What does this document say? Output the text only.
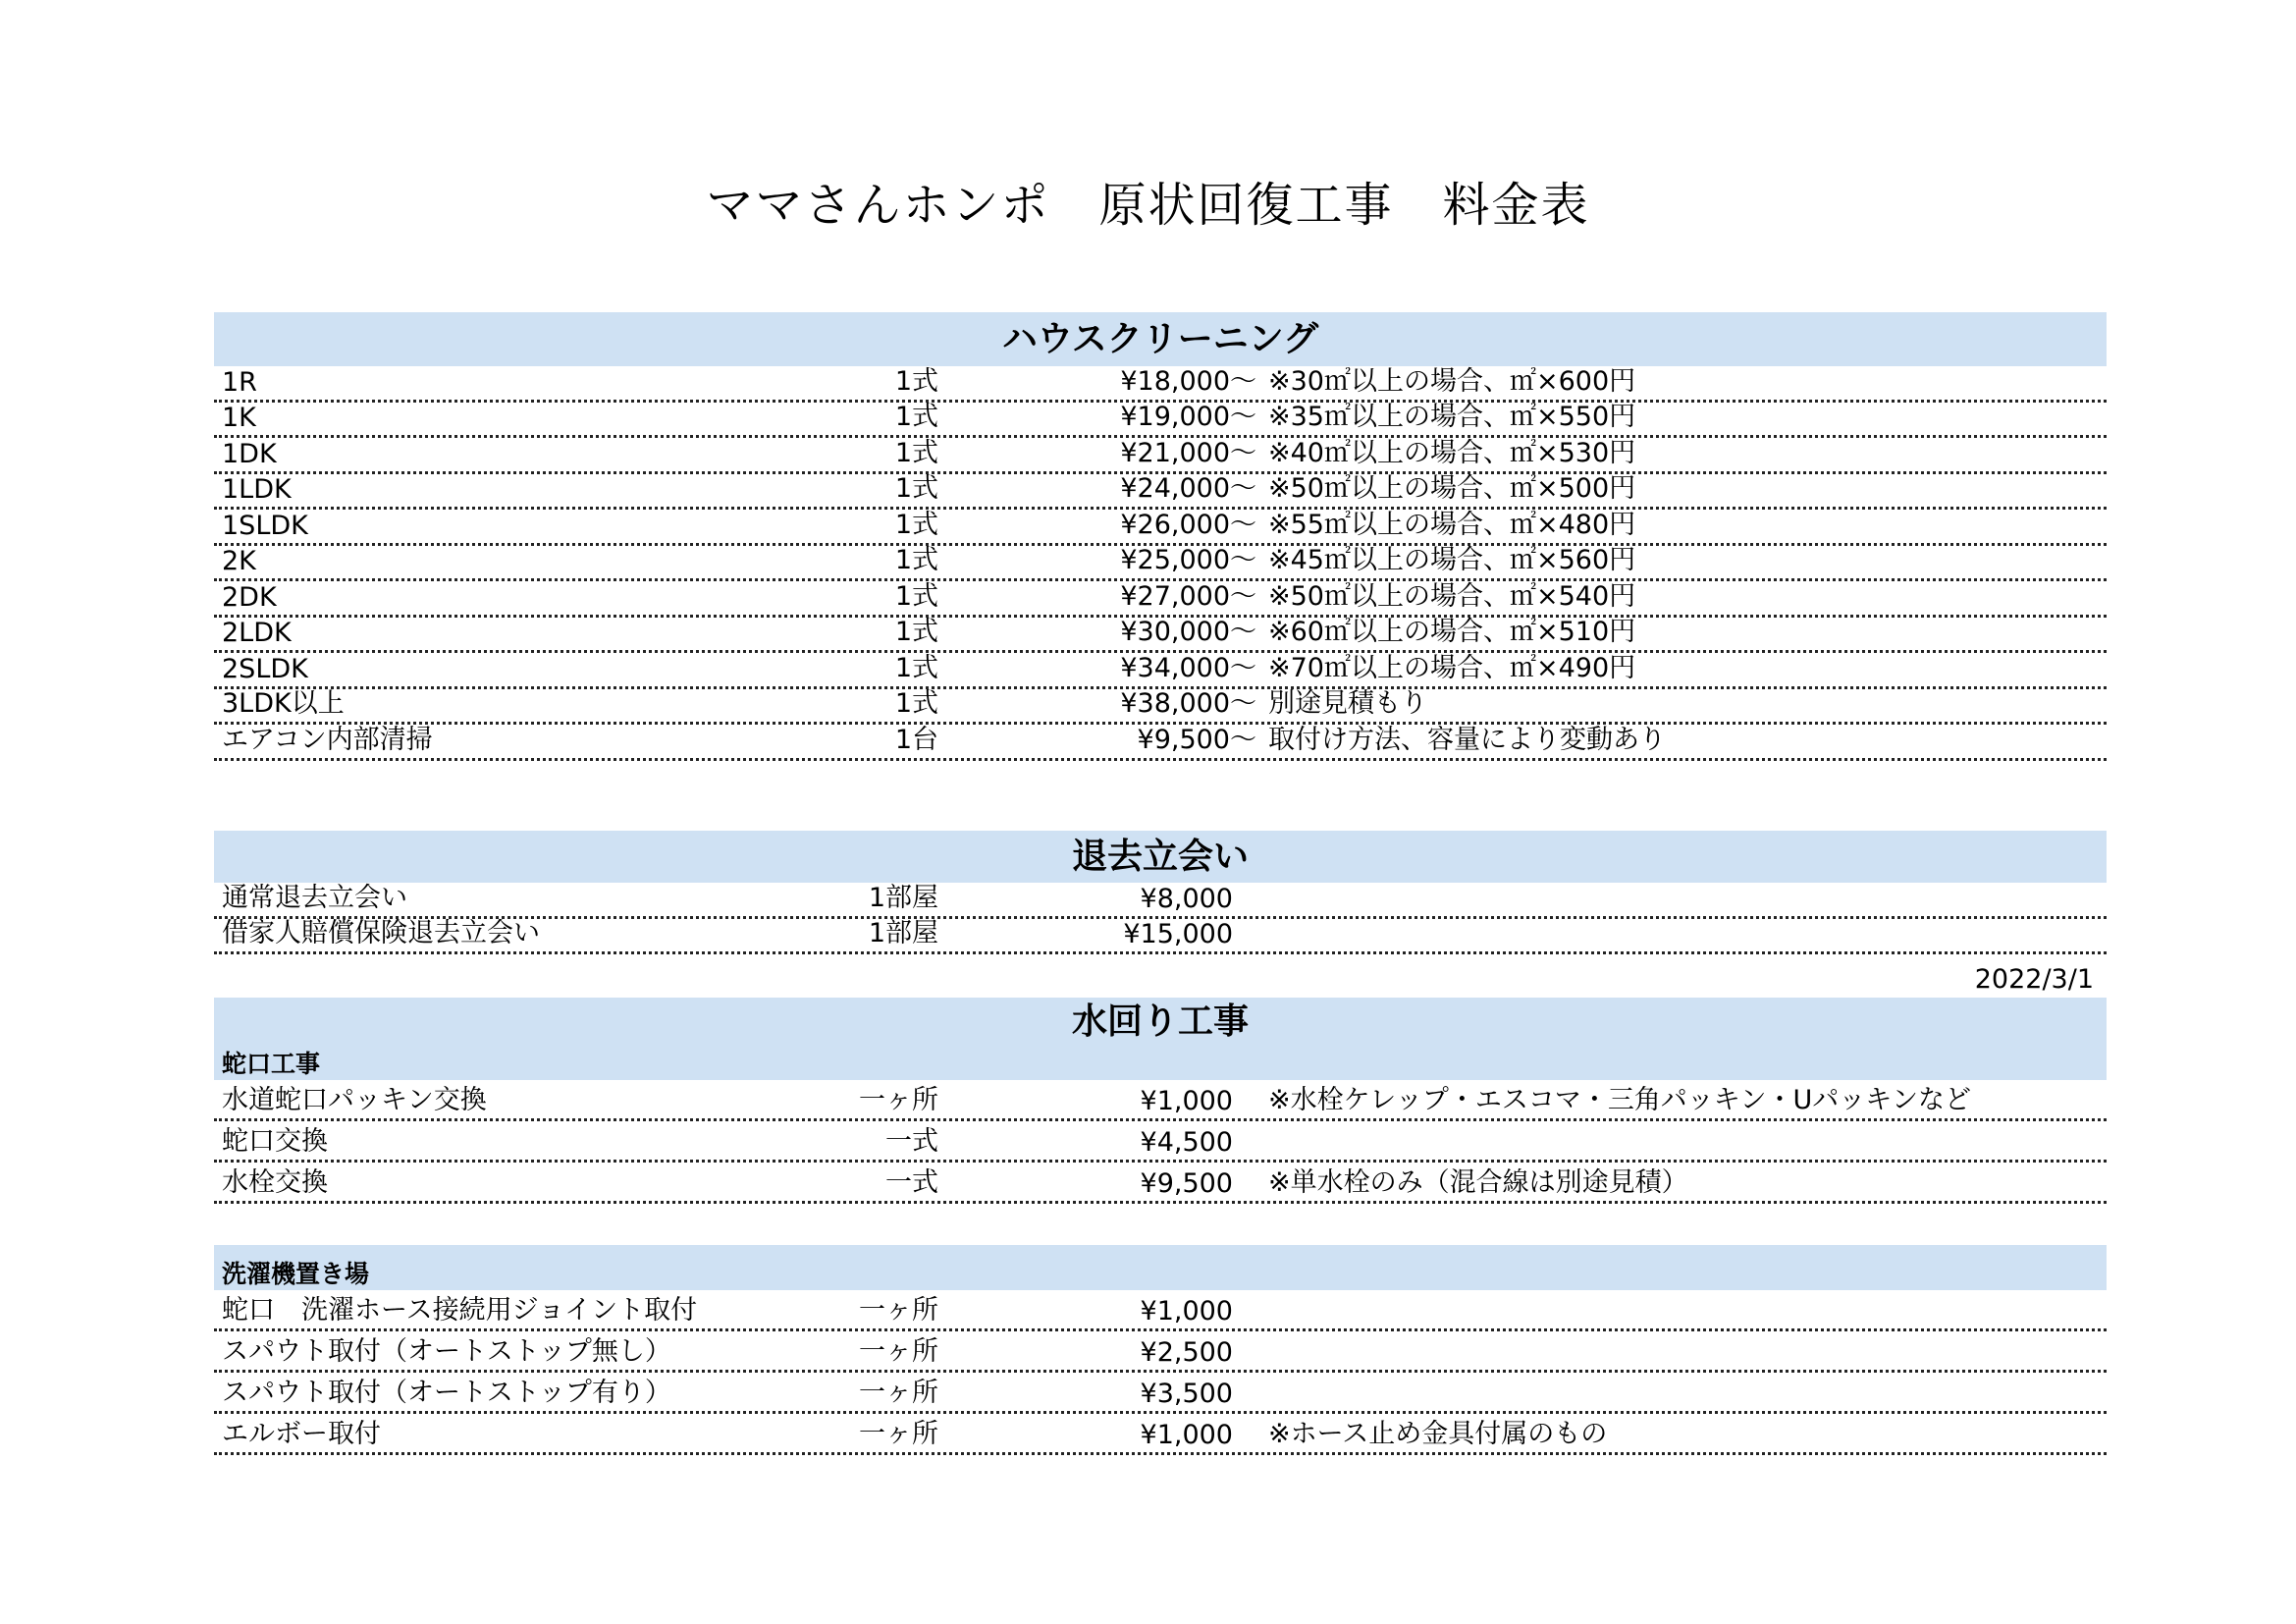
ママさんホンポ　原状回復工事　料金表
ハウスクリーニング
1R	1式	¥18,000～ ※30㎡以上の場合、㎡×600円
1K	1式	¥19,000～ ※35㎡以上の場合、㎡×550円
1DK	1式	¥21,000～ ※40㎡以上の場合、㎡×530円
1LDK	1式	¥24,000～ ※50㎡以上の場合、㎡×500円
1SLDK	1式	¥26,000～ ※55㎡以上の場合、㎡×480円
2K	1式	¥25,000～ ※45㎡以上の場合、㎡×560円
2DK	1式	¥27,000～ ※50㎡以上の場合、㎡×540円
2LDK	1式	¥30,000～ ※60㎡以上の場合、㎡×510円
2SLDK	1式	¥34,000～ ※70㎡以上の場合、㎡×490円
3LDK以上	1式	¥38,000～ 別途見積もり
エアコン内部清掃	1台	¥9,500～ 取付け方法、容量により変動あり
退去立会い
通常退去立会い	1部屋	¥8,000
借家人賠償保険退去立会い	1部屋	¥15,000
2022/3/1
水回り工事
蛇口工事
水道蛇口パッキン交換	一ヶ所	¥1,000 ※水栓ケレップ・エスコマ・三角パッキン・Uパッキンなど
蛇口交換	一式	¥4,500
水栓交換	一式	¥9,500 ※単水栓のみ（混合線は別途見積）
洗濯機置き場
蛇口　洗濯ホース接続用ジョイント取付	一ヶ所	¥1,000
スパウト取付（オートストップ無し）	一ヶ所	¥2,500
スパウト取付（オートストップ有り）	一ヶ所	¥3,500
エルボー取付	一ヶ所	¥1,000 ※ホース止め金具付属のもの
